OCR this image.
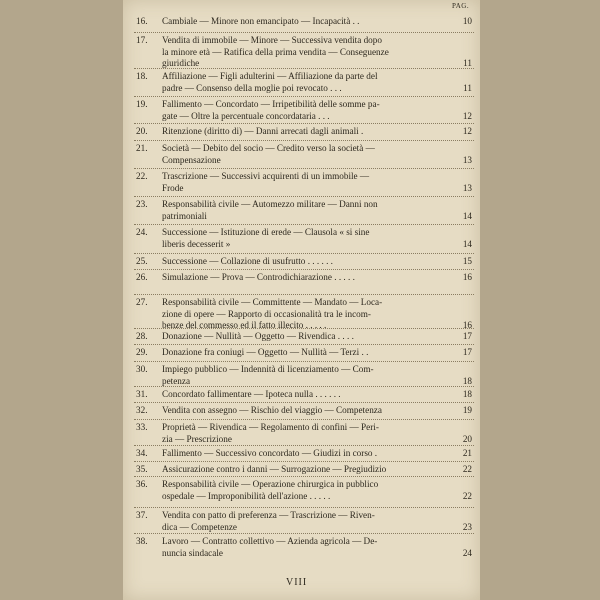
PAG.
16.	Cambiale — Minore non emancipato — Incapacità . .	10
17.	Vendita di immobile — Minore — Successiva vendita dopo
la minore età — Ratifica della prima vendita — Conseguenze
giuridiche	11
18.	Affiliazione — Figli adulterini — Affiliazione da parte del
padre — Consenso della moglie poi revocato . . .	11
19.	Fallimento — Concordato — Irripetibilità delle somme pa-
gate — Oltre la percentuale concordataria . . .	12
20.	Ritenzione (diritto di) — Danni arrecati dagli animali .	12
21.	Società — Debito del socio — Credito verso la società —
Compensazione	13
22.	Trascrizione — Successivi acquirenti di un immobile —
Frode	13
23.	Responsabilità civile — Automezzo militare — Danni non
patrimoniali	14
24.	Successione — Istituzione di erede — Clausola « si sine
liberis decesserit »	14
25.	Successione — Collazione di usufrutto . . . . . .	15
26.	Simulazione — Prova — Controdichiarazione . . . . .	16
27.	Responsabilità civile — Committente — Mandato — Loca-
zione di opere — Rapporto di occasionalità tra le incom-
benze del commesso ed il fatto illecito . . . . .	16
28.	Donazione — Nullità — Oggetto — Rivendica . . . .	17
29.	Donazione fra coniugi — Oggetto — Nullità — Terzi . .	17
30.	Impiego pubblico — Indennità di licenziamento — Com-
petenza	18
31.	Concordato fallimentare — Ipoteca nulla . . . . . .	18
32.	Vendita con assegno — Rischio del viaggio — Competenza	19
33.	Proprietà — Rivendica — Regolamento di confini — Peri-
zia — Prescrizione	20
34.	Fallimento — Successivo concordato — Giudizi in corso .	21
35.	Assicurazione contro i danni — Surrogazione — Pregiudizio	22
36.	Responsabilità civile — Operazione chirurgica in pubblico
ospedale — Improponibilità dell'azione . . . . .	22
37.	Vendita con patto di preferenza — Trascrizione — Riven-
dica — Competenze	23
38.	Lavoro — Contratto collettivo — Azienda agricola — De-
nuncia sindacale	24
VIII
